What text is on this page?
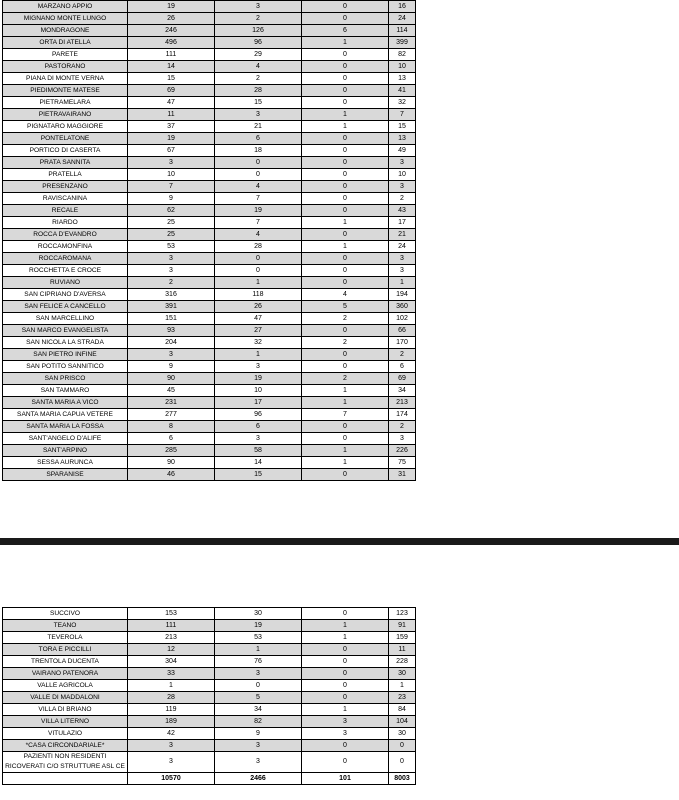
MARZANO APPIO	19	3	0	16
MIGNANO MONTE LUNGO	26	2	0	24
MONDRAGONE	246	126	6	114
ORTA DI ATELLA	496	96	1	399
PARETE	111	29	0	82
PASTORANO	14	4	0	10
PIANA DI MONTE VERNA	15	2	0	13
PIEDIMONTE MATESE	69	28	0	41
PIETRAMELARA	47	15	0	32
PIETRAVAIRANO	11	3	1	7
PIGNATARO MAGGIORE	37	21	1	15
PONTELATONE	19	6	0	13
PORTICO DI CASERTA	67	18	0	49
PRATA SANNITA	3	0	0	3
PRATELLA	10	0	0	10
PRESENZANO	7	4	0	3
RAVISCANINA	9	7	0	2
RECALE	62	19	0	43
RIARDO	25	7	1	17
ROCCA D'EVANDRO	25	4	0	21
ROCCAMONFINA	53	28	1	24
ROCCAROMANA	3	0	0	3
ROCCHETTA E CROCE	3	0	0	3
RUVIANO	2	1	0	1
SAN CIPRIANO D'AVERSA	316	118	4	194
SAN FELICE A CANCELLO	391	26	5	360
SAN MARCELLINO	151	47	2	102
SAN MARCO EVANGELISTA	93	27	0	66
SAN NICOLA LA STRADA	204	32	2	170
SAN PIETRO INFINE	3	1	0	2
SAN POTITO SANNITICO	9	3	0	6
SAN PRISCO	90	19	2	69
SAN TAMMARO	45	10	1	34
SANTA MARIA A VICO	231	17	1	213
SANTA MARIA CAPUA VETERE	277	96	7	174
SANTA MARIA LA FOSSA	8	6	0	2
SANT'ANGELO D'ALIFE	6	3	0	3
SANT'ARPINO	285	58	1	226
SESSA AURUNCA	90	14	1	75
SPARANISE	46	15	0	31
SUCCIVO	153	30	0	123
TEANO	111	19	1	91
TEVEROLA	213	53	1	159
TORA E PICCILLI	12	1	0	11
TRENTOLA DUCENTA	304	76	0	228
VAIRANO PATENORA	33	3	0	30
VALLE AGRICOLA	1	0	0	1
VALLE DI MADDALONI	28	5	0	23
VILLA DI BRIANO	119	34	1	84
VILLA LITERNO	189	82	3	104
VITULAZIO	42	9	3	30
*CASA CIRCONDARIALE*	3	3	0	0
PAZIENTI NON RESIDENTI RICOVERATI C/O STRUTTURE ASL CE	3	3	0	0
	10570	2466	101	8003
